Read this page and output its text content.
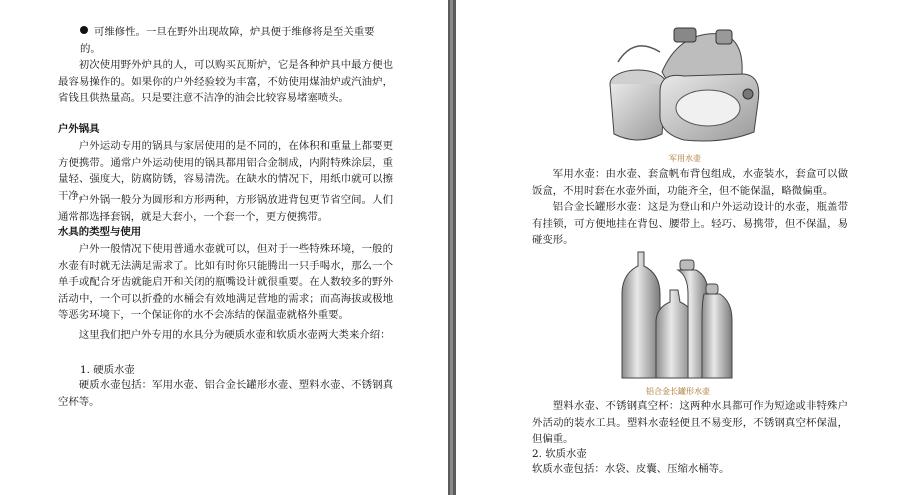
可维修性。一旦在野外出现故障，炉具便于维修将是至关重要的。

初次使用野外炉具的人，可以购买瓦斯炉，它是各种炉具中最方便也最容易操作的。如果你的户外经验较为丰富，不妨使用煤油炉或汽油炉，省钱且供热量高。只是要注意不洁净的油会比较容易堵塞喷头。

户外锅具

户外运动专用的锅具与家居使用的是不同的，在体积和重量上都要更方便携带。通常户外运动使用的锅具都用铝合金制成，内附特殊涂层，重量轻、强度大，防腐防锈，容易清洗。在缺水的情况下，用纸巾就可以擦干净。

户外锅一般分为圆形和方形两种，方形锅放进背包更节省空间。人们通常都选择套锅，就是大套小，一个套一个，更方便携带。

水具的类型与使用

户外一般情况下使用普通水壶就可以，但对于一些特殊环境，一般的水壶有时就无法满足需求了。比如有时你只能腾出一只手喝水，那么一个单手或配合牙齿就能启开和关闭的瓶嘴设计就很重要。在人数较多的野外活动中，一个可以折叠的水桶会有效地满足营地的需求；而高海拔或极地等恶劣环境下，一个保证你的水不会冻结的保温壶就格外重要。

这里我们把户外专用的水具分为硬质水壶和软质水壶两大类来介绍：

1. 硬质水壶

硬质水壶包括：军用水壶、铝合金长罐形水壶、塑料水壶、不锈钢真空杯等。

军用水壶

军用水壶：由水壶、套盒帆布背包组成，水壶装水，套盒可以做饭盒，不用时套在水壶外面，功能齐全，但不能保温，略微偏重。

铝合金长罐形水壶：这是为登山和户外运动设计的水壶，瓶盖带有挂锁，可方便地挂在背包、腰带上。轻巧、易携带，但不保温，易碰变形。

铝合金长罐形水壶

塑料水壶、不锈钢真空杯：这两种水具都可作为短途或非特殊户外活动的装水工具。塑料水壶轻便且不易变形，不锈钢真空杯保温，但偏重。

2. 软质水壶

软质水壶包括：水袋、皮囊、压缩水桶等。
